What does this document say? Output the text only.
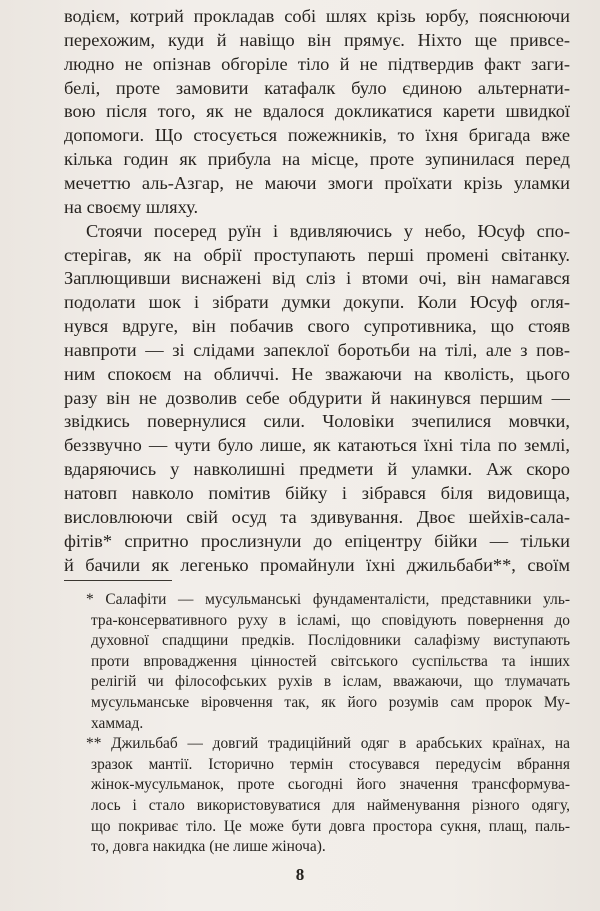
водієм, котрий прокладав собі шлях крізь юрбу, пояснюючи
перехожим, куди й навіщо він прямує. Ніхто ще привсе-
людно не опізнав обгоріле тіло й не підтвердив факт заги-
белі, проте замовити катафалк було єдиною альтернати-
вою після того, як не вдалося докликатися карети швидкої
допомоги. Що стосується пожежників, то їхня бригада вже
кілька годин як прибула на місце, проте зупинилася перед
мечеттю аль-Азгар, не маючи змоги проїхати крізь уламки
на своєму шляху.
Стоячи посеред руїн і вдивляючись у небо, Юсуф спо-
стерігав, як на обрії проступають перші промені світанку.
Заплющивши виснажені від сліз і втоми очі, він намагався
подолати шок і зібрати думки докупи. Коли Юсуф огля-
нувся вдруге, він побачив свого супротивника, що стояв
навпроти — зі слідами запеклої боротьби на тілі, але з пов-
ним спокоєм на обличчі. Не зважаючи на кволість, цього
разу він не дозволив себе обдурити й накинувся першим —
звідкись повернулися сили. Чоловіки зчепилися мовчки,
беззвучно — чути було лише, як катаються їхні тіла по землі,
вдаряючись у навколишні предмети й уламки. Аж скоро
натовп навколо помітив бійку і зібрався біля видовища,
висловлюючи свій осуд та здивування. Двоє шейхів-сала-
фітів* спритно прослизнули до епіцентру бійки — тільки
й бачили як легенько промайнули їхні джильбаби**, своїм
* Салафіти — мусульманські фундаменталісти, представники уль-
тра-консервативного руху в ісламі, що сповідують повернення до
духовної спадщини предків. Послідовники салафізму виступають
проти впровадження цінностей світського суспільства та інших
релігій чи філософських рухів в іслам, вважаючи, що тлумачать
мусульманське віровчення так, як його розумів сам пророк Му-
хаммад.
** Джильбаб — довгий традиційний одяг в арабських країнах, на
зразок мантії. Історично термін стосувався передусім вбрання
жінок-мусульманок, проте сьогодні його значення трансформува-
лось і стало використовуватися для найменування різного одягу,
що покриває тіло. Це може бути довга простора сукня, плащ, паль-
то, довга накидка (не лише жіноча).
8
